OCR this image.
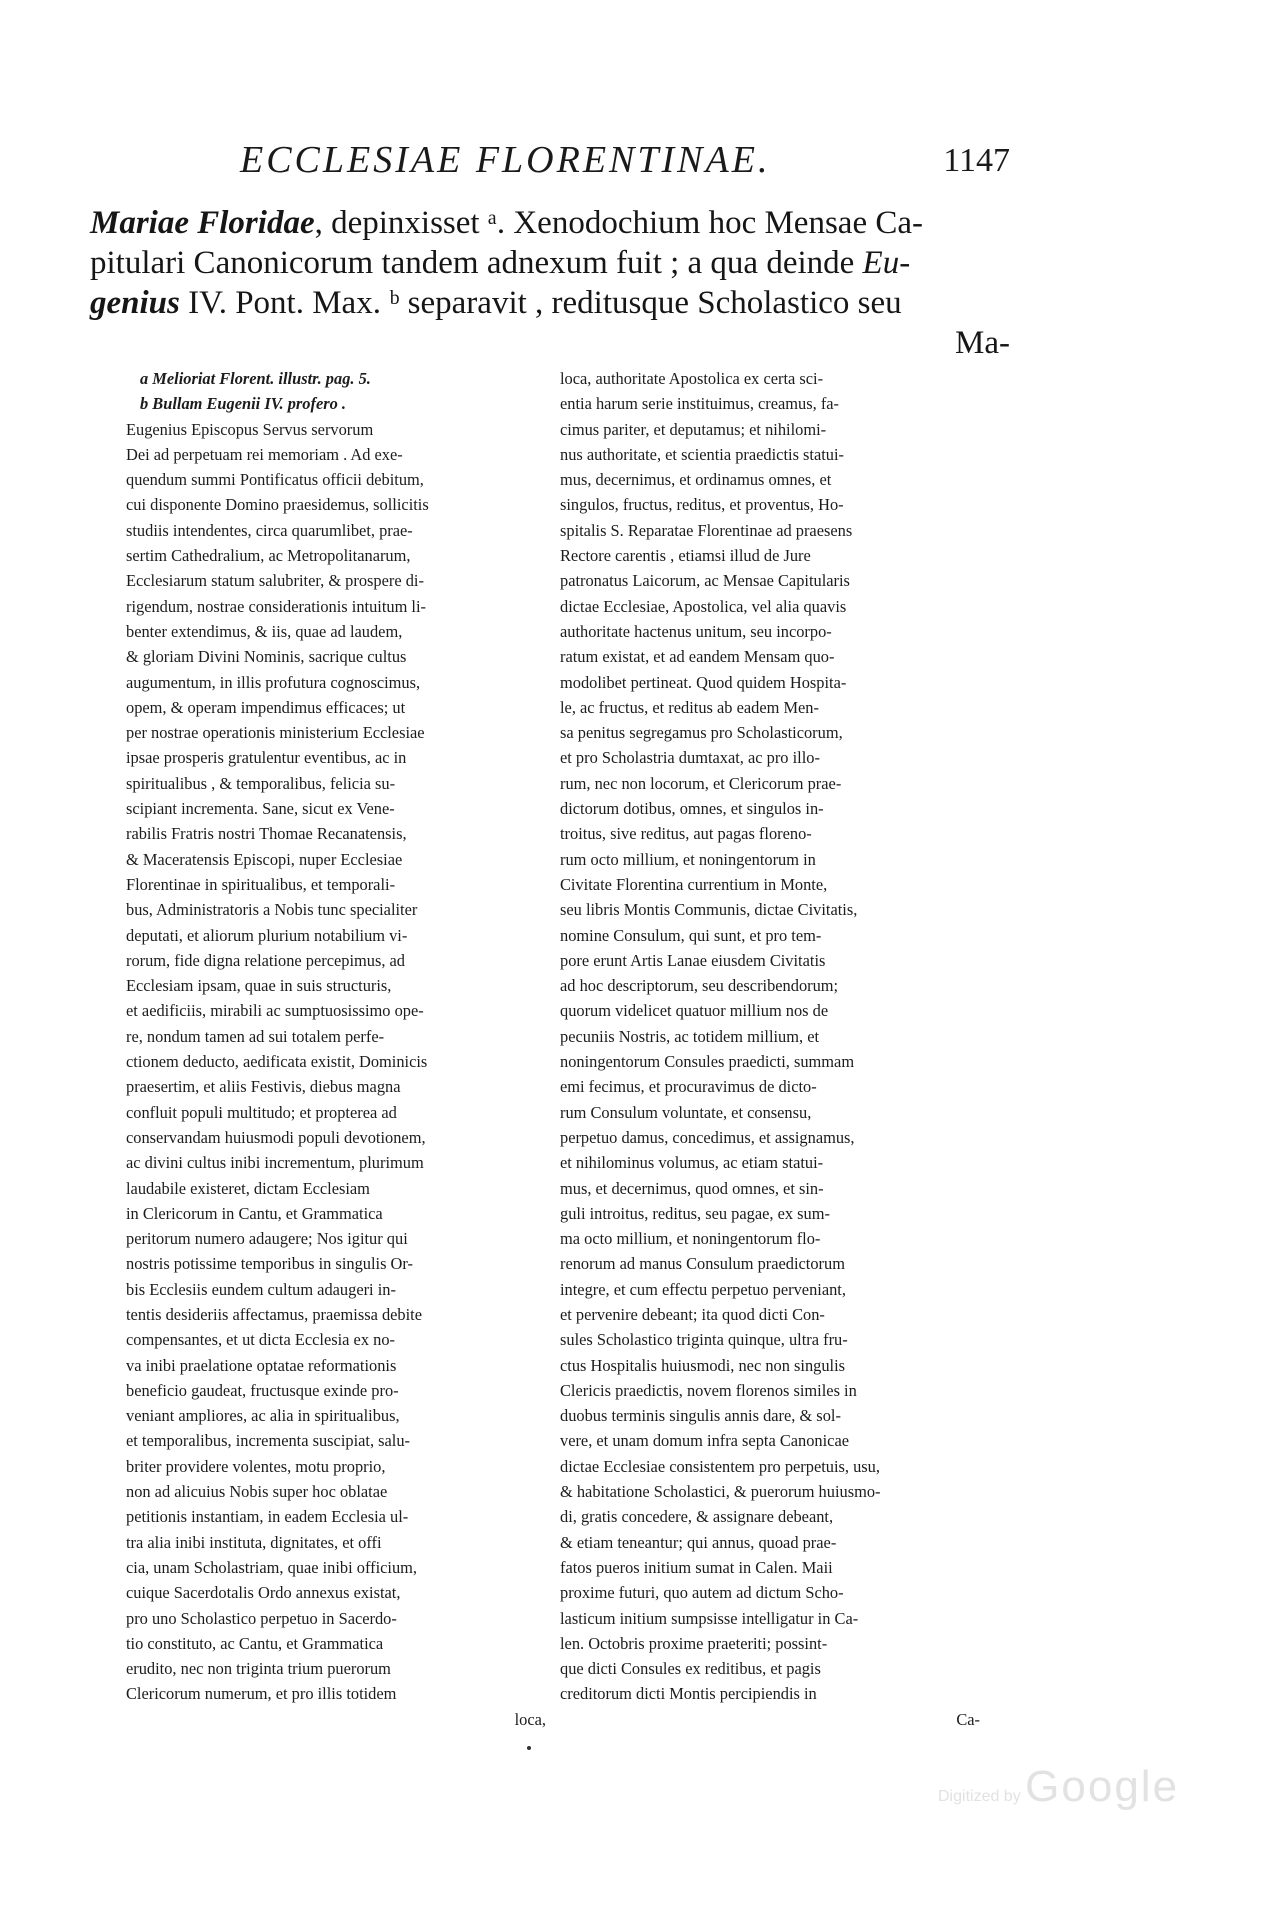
ECCLESIAE FLORENTINAE.	1147
Mariae Floridae, depinxisset ᵃ. Xenodochium hoc Mensae Ca-
pitulari Canonicorum tandem adnexum fuit ; a qua deinde Eu-
genius IV. Pont. Max. ᵇ separavit , reditusque Scholastico seu
Ma-
a Melioriat Florent. illustr. pag. 5.
b Bullam Eugenii IV. profero .
Eugenius Episcopus Servus servorum
Dei ad perpetuam rei memoriam . Ad exe-
quendum summi Pontificatus officii debitum,
cui disponente Domino praesidemus, sollicitis
studiis intendentes, circa quarumlibet, prae-
sertim Cathedralium, ac Metropolitanarum,
Ecclesiarum statum salubriter, & prospere di-
rigendum, nostrae considerationis intuitum li-
benter extendimus, & iis, quae ad laudem,
& gloriam Divini Nominis, sacrique cultus
augumentum, in illis profutura cognoscimus,
opem, & operam impendimus efficaces; ut
per nostrae operationis ministerium Ecclesiae
ipsae prosperis gratulentur eventibus, ac in
spiritualibus , & temporalibus, felicia su-
scipiant incrementa. Sane, sicut ex Vene-
rabilis Fratris nostri Thomae Recanatensis,
& Maceratensis Episcopi, nuper Ecclesiae
Florentinae in spiritualibus, et temporali-
bus, Administratoris a Nobis tunc specialiter
deputati, et aliorum plurium notabilium vi-
rorum, fide digna relatione percepimus, ad
Ecclesiam ipsam, quae in suis structuris,
et aedificiis, mirabili ac sumptuosissimo ope-
re, nondum tamen ad sui totalem perfe-
ctionem deducto, aedificata existit, Dominicis
praesertim, et aliis Festivis, diebus magna
confluit populi multitudo; et propterea ad
conservandam huiusmodi populi devotionem,
ac divini cultus inibi incrementum, plurimum
laudabile existeret, dictam Ecclesiam
in Clericorum in Cantu, et Grammatica
peritorum numero adaugere; Nos igitur qui
nostris potissime temporibus in singulis Or-
bis Ecclesiis eundem cultum adaugeri in-
tentis desideriis affectamus, praemissa debite
compensantes, et ut dicta Ecclesia ex no-
va inibi praelatione optatae reformationis
beneficio gaudeat, fructusque exinde pro-
veniant ampliores, ac alia in spiritualibus,
et temporalibus, incrementa suscipiat, salu-
briter providere volentes, motu proprio,
non ad alicuius Nobis super hoc oblatae
petitionis instantiam, in eadem Ecclesia ul-
tra alia inibi instituta, dignitates, et offi
cia, unam Scholastriam, quae inibi officium,
cuique Sacerdotalis Ordo annexus existat,
pro uno Scholastico perpetuo in Sacerdo-
tio constituto, ac Cantu, et Grammatica
erudito, nec non triginta trium puerorum
Clericorum numerum, et pro illis totidem
loca,
loca, authoritate Apostolica ex certa sci-
entia harum serie instituimus, creamus, fa-
cimus pariter, et deputamus; et nihilomi-
nus authoritate, et scientia praedictis statui-
mus, decernimus, et ordinamus omnes, et
singulos, fructus, reditus, et proventus, Ho-
spitalis S. Reparatae Florentinae ad praesens
Rectore carentis , etiamsi illud de Jure
patronatus Laicorum, ac Mensae Capitularis
dictae Ecclesiae, Apostolica, vel alia quavis
authoritate hactenus unitum, seu incorpo-
ratum existat, et ad eandem Mensam quo-
modolibet pertineat. Quod quidem Hospita-
le, ac fructus, et reditus ab eadem Men-
sa penitus segregamus pro Scholasticorum,
et pro Scholastria dumtaxat, ac pro illo-
rum, nec non locorum, et Clericorum prae-
dictorum dotibus, omnes, et singulos in-
troitus, sive reditus, aut pagas floreno-
rum octo millium, et noningentorum in
Civitate Florentina currentium in Monte,
seu libris Montis Communis, dictae Civitatis,
nomine Consulum, qui sunt, et pro tem-
pore erunt Artis Lanae eiusdem Civitatis
ad hoc descriptorum, seu describendorum;
quorum videlicet quatuor millium nos de
pecuniis Nostris, ac totidem millium, et
noningentorum Consules praedicti, summam
emi fecimus, et procuravimus de dicto-
rum Consulum voluntate, et consensu,
perpetuo damus, concedimus, et assignamus,
et nihilominus volumus, ac etiam statui-
mus, et decernimus, quod omnes, et sin-
guli introitus, reditus, seu pagae, ex sum-
ma octo millium, et noningentorum flo-
renorum ad manus Consulum praedictorum
integre, et cum effectu perpetuo perveniant,
et pervenire debeant; ita quod dicti Con-
sules Scholastico triginta quinque, ultra fru-
ctus Hospitalis huiusmodi, nec non singulis
Clericis praedictis, novem florenos similes in
duobus terminis singulis annis dare, & sol-
vere, et unam domum infra septa Canonicae
dictae Ecclesiae consistentem pro perpetuis, usu,
& habitatione Scholastici, & puerorum huiusmo-
di, gratis concedere, & assignare debeant,
& etiam teneantur; qui annus, quoad prae-
fatos pueros initium sumat in Calen. Maii
proxime futuri, quo autem ad dictum Scho-
lasticum initium sumpsisse intelligatur in Ca-
len. Octobris proxime praeteriti; possint-
que dicti Consules ex reditibus, et pagis
creditorum dicti Montis percipiendis in
Ca-
Digitized by Google
